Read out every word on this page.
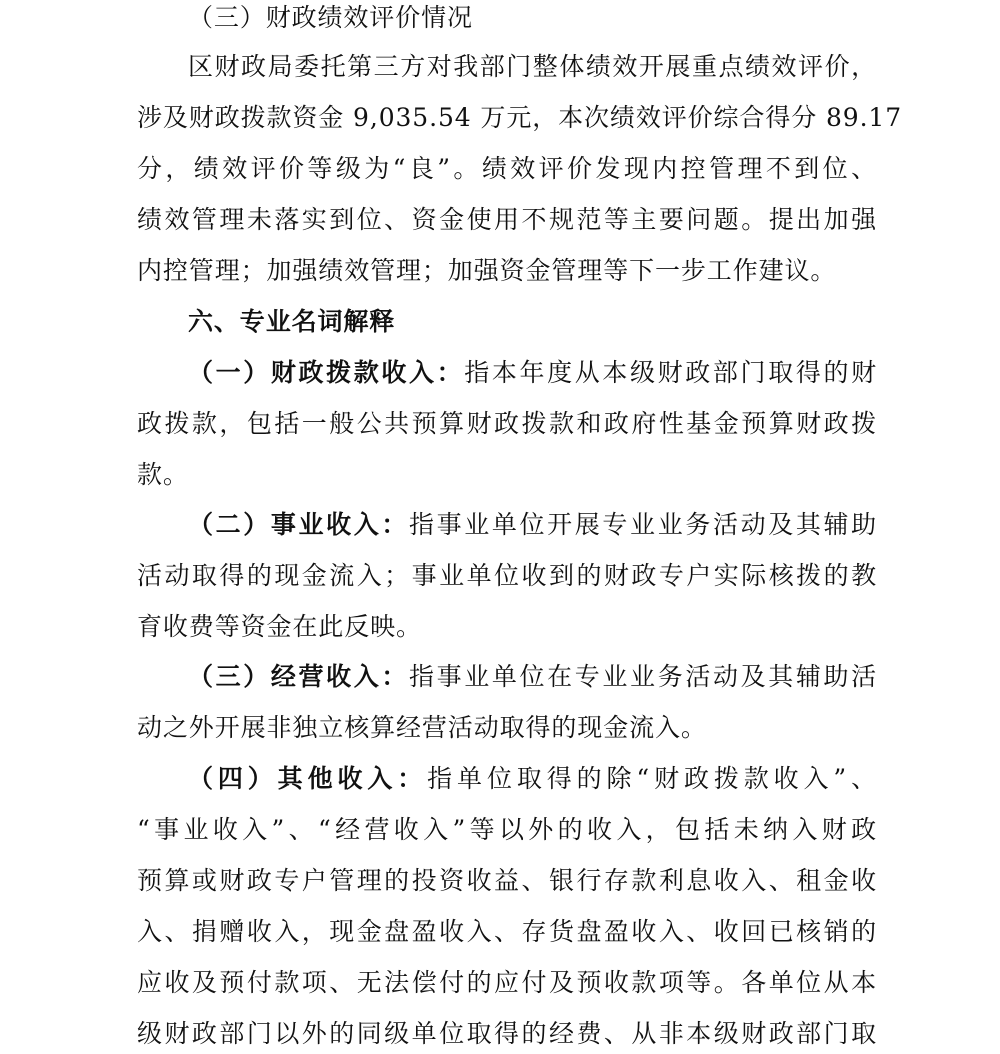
（三）财政绩效评价情况
区财政局委托第三方对我部门整体绩效开展重点绩效评价，
涉及财政拨款资金 9,035.54 万元，本次绩效评价综合得分 89.17
分，绩效评价等级为“良”。绩效评价发现内控管理不到位、
绩效管理未落实到位、资金使用不规范等主要问题。提出加强
内控管理；加强绩效管理；加强资金管理等下一步工作建议。
六、专业名词解释
（一）财政拨款收入：指本年度从本级财政部门取得的财
政拨款，包括一般公共预算财政拨款和政府性基金预算财政拨
款。
（二）事业收入：指事业单位开展专业业务活动及其辅助
活动取得的现金流入；事业单位收到的财政专户实际核拨的教
育收费等资金在此反映。
（三）经营收入：指事业单位在专业业务活动及其辅助活
动之外开展非独立核算经营活动取得的现金流入。
（四）其他收入：指单位取得的除“财政拨款收入”、
“事业收入”、“经营收入”等以外的收入，包括未纳入财政
预算或财政专户管理的投资收益、银行存款利息收入、租金收
入、捐赠收入，现金盘盈收入、存货盘盈收入、收回已核销的
应收及预付款项、无法偿付的应付及预收款项等。各单位从本
级财政部门以外的同级单位取得的经费、从非本级财政部门取
